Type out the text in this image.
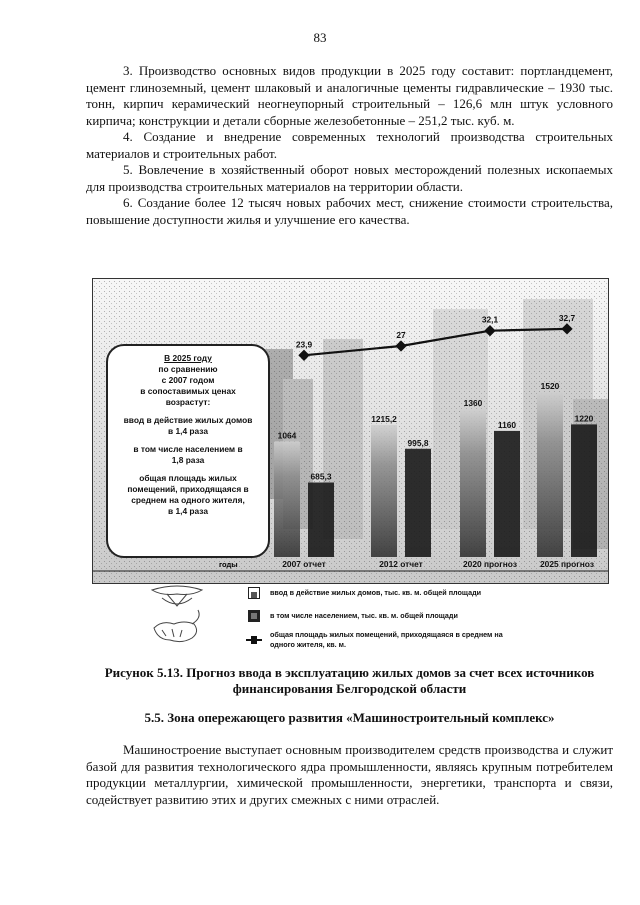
83

3. Производство основных видов продукции в 2025 году составит: портландцемент, цемент глиноземный, цемент шлаковый и аналогичные цементы гидравлические – 1930 тыс. тонн, кирпич керамический неогнеупорный строительный – 126,6 млн штук условного кирпича; конструкции и детали сборные железобетонные – 251,2 тыс. куб. м.

4. Создание и внедрение современных технологий производства строительных материалов и строительных работ.

5. Вовлечение в хозяйственный оборот новых месторождений полезных ископаемых для производства строительных материалов на территории области.

6. Создание более 12 тысяч новых рабочих мест, снижение стоимости строительства, повышение доступности жилья и улучшение его качества.

1064
685,3
1215,2
995,8
1360
1160
1520
1220
23,9
27
32,1	32,7
2007 отчет	2012 отчет	2020 прогноз	2025 прогноз
годы
В 2025 году
по сравнению
с 2007 годом
в сопоставимых ценах
возрастут:
ввод в действие жилых домов
в 1,4 раза
в том числе населением в
1,8 раза
общая площадь жилых
помещений, приходящаяся в
среднем на одного жителя,
в 1,4 раза
ввод в действие жилых домов, тыс. кв. м. общей площади
в том числе населением, тыс. кв. м. общей площади
общая площадь жилых помещений, приходящаяся в среднем на
одного жителя, кв. м.
Рисунок 5.13. Прогноз ввода в эксплуатацию жилых домов за счет всех источников
финансирования Белгородской области
5.5. Зона опережающего развития «Машиностроительный комплекс»

Машиностроение выступает основным производителем средств производства и служит базой для развития технологического ядра промышленности, являясь крупным потребителем продукции металлургии, химической промышленности, энергетики, транспорта и связи, содействует развитию этих и других смежных с ними отраслей.
